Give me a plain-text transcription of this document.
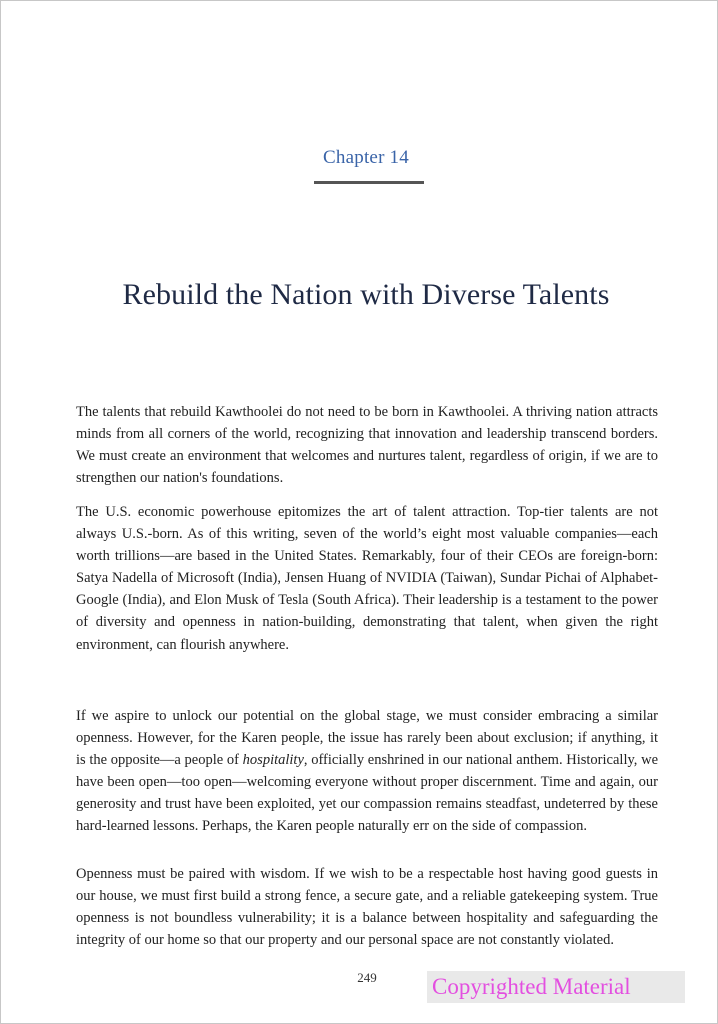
Chapter 14
Rebuild the Nation with Diverse Talents

The talents that rebuild Kawthoolei do not need to be born in Kawthoolei. A thriving nation attracts minds from all corners of the world, recognizing that innovation and leadership transcend borders. We must create an environment that welcomes and nurtures talent, regardless of origin, if we are to strengthen our nation's foundations.

The U.S. economic powerhouse epitomizes the art of talent attraction. Top-tier talents are not always U.S.-born. As of this writing, seven of the world’s eight most valuable companies—each worth trillions—are based in the United States. Remarkably, four of their CEOs are foreign-born: Satya Nadella of Microsoft (India), Jensen Huang of NVIDIA (Taiwan), Sundar Pichai of Alphabet-Google (India), and Elon Musk of Tesla (South Africa). Their leadership is a testament to the power of diversity and openness in nation-building, demonstrating that talent, when given the right environment, can flourish anywhere.

If we aspire to unlock our potential on the global stage, we must consider embracing a similar openness. However, for the Karen people, the issue has rarely been about exclusion; if anything, it is the opposite—a people of hospitality, officially enshrined in our national anthem. Historically, we have been open—too open—welcoming everyone without proper discernment. Time and again, our generosity and trust have been exploited, yet our compassion remains steadfast, undeterred by these hard-learned lessons. Perhaps, the Karen people naturally err on the side of compassion.

Openness must be paired with wisdom. If we wish to be a respectable host having good guests in our house, we must first build a strong fence, a secure gate, and a reliable gatekeeping system. True openness is not boundless vulnerability; it is a balance between hospitality and safeguarding the integrity of our home so that our property and our personal space are not constantly violated.

249	Copyrighted Material
